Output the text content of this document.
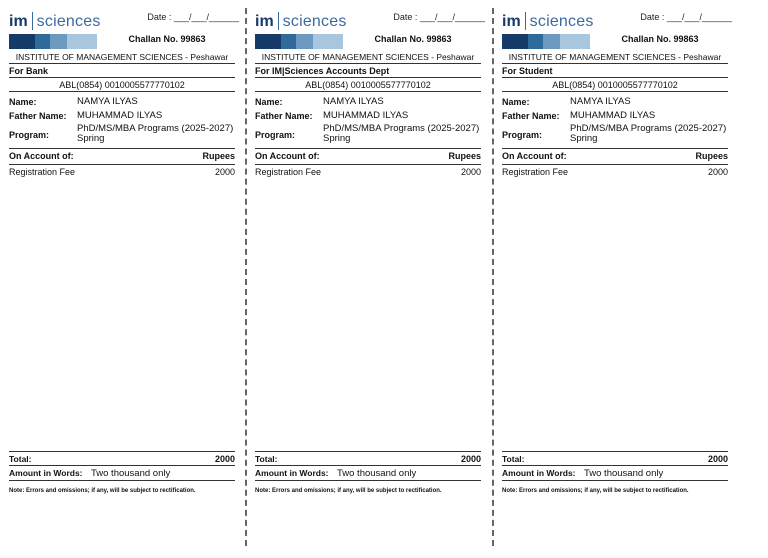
im sciences	Date : ___/___/______
Challan No. 99863
INSTITUTE OF MANAGEMENT SCIENCES - Peshawar
For Bank
ABL(0854) 0010005577770102
Name:	NAMYA ILYAS
Father Name: MUHAMMAD ILYAS
Program:
PhD/MS/MBA Programs (2025-2027) Spring
On Account of:	Rupees
Registration Fee	2000
Total:	2000
Amount in Words: Two thousand only
Note: Errors and omissions; if any, will be subject to rectification.
im sciences	Date : ___/___/______
Challan No. 99863
INSTITUTE OF MANAGEMENT SCIENCES - Peshawar
For IM|Sciences Accounts Dept
ABL(0854) 0010005577770102
Name:	NAMYA ILYAS
Father Name: MUHAMMAD ILYAS
Program:
PhD/MS/MBA Programs (2025-2027) Spring
On Account of:	Rupees
Registration Fee	2000
Total:	2000
Amount in Words: Two thousand only
Note: Errors and omissions; if any, will be subject to rectification.
im sciences	Date : ___/___/______
Challan No. 99863
INSTITUTE OF MANAGEMENT SCIENCES - Peshawar
For Student
ABL(0854) 0010005577770102
Name:	NAMYA ILYAS
Father Name: MUHAMMAD ILYAS
Program:
PhD/MS/MBA Programs (2025-2027) Spring
On Account of:	Rupees
Registration Fee	2000
Total:	2000
Amount in Words: Two thousand only
Note: Errors and omissions; if any, will be subject to rectification.
